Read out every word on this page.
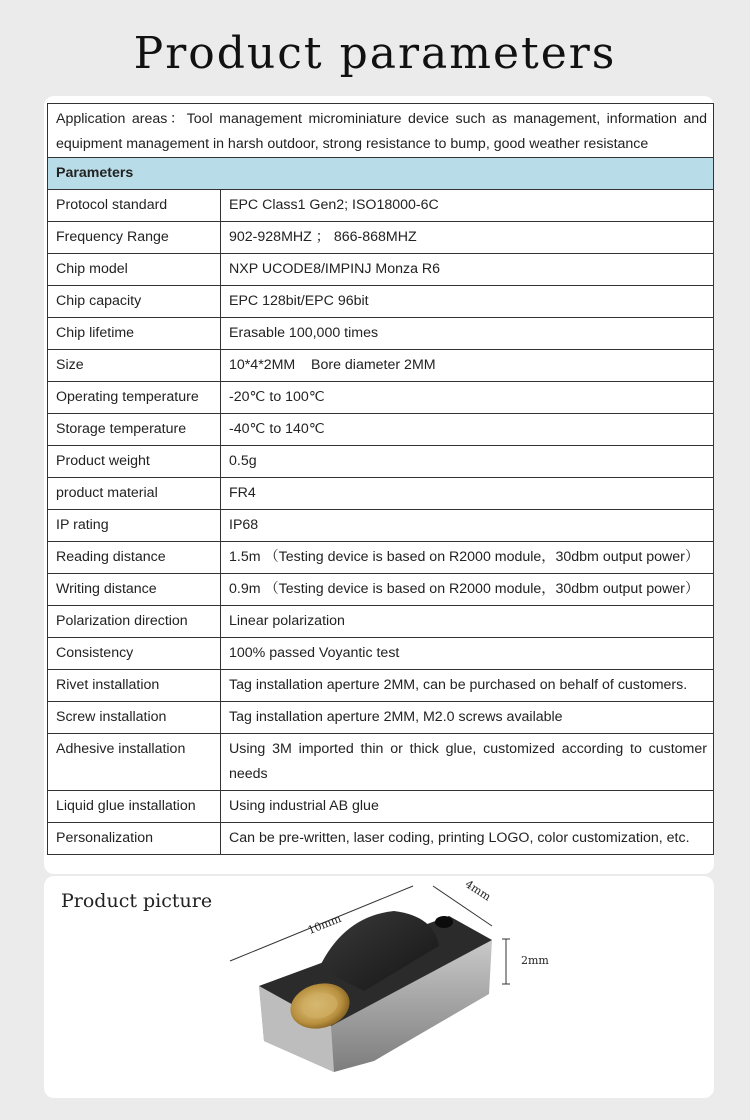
Product parameters
Application areas：Tool management microminiature device such as management, information and equipment management in harsh outdoor, strong resistance to bump, good weather resistance	
Parameters	
Protocol standard	EPC Class1 Gen2; ISO18000-6C
Frequency Range	902-928MHZ ； 866-868MHZ
Chip model	NXP UCODE8/IMPINJ Monza R6
Chip capacity	EPC 128bit/EPC 96bit
Chip lifetime	Erasable 100,000 times
Size	10*4*2MM    Bore diameter 2MM
Operating temperature	-20℃ to 100℃
Storage temperature	-40℃ to 140℃
Product weight	0.5g
product material	FR4
IP rating	IP68
Reading distance	1.5m （Testing device is based on R2000 module，30dbm output power）
Writing distance	0.9m （Testing device is based on R2000 module，30dbm output power）
Polarization direction	Linear polarization
Consistency	100% passed Voyantic test
Rivet installation	Tag installation aperture 2MM, can be purchased on behalf of customers.
Screw installation	Tag installation aperture 2MM, M2.0 screws available
Adhesive installation	Using 3M imported thin or thick glue, customized according to customer needs
Liquid glue installation	Using industrial AB glue
Personalization	Can be pre-written, laser coding, printing LOGO, color customization, etc.
Product picture
10mm
4mm
2mm
